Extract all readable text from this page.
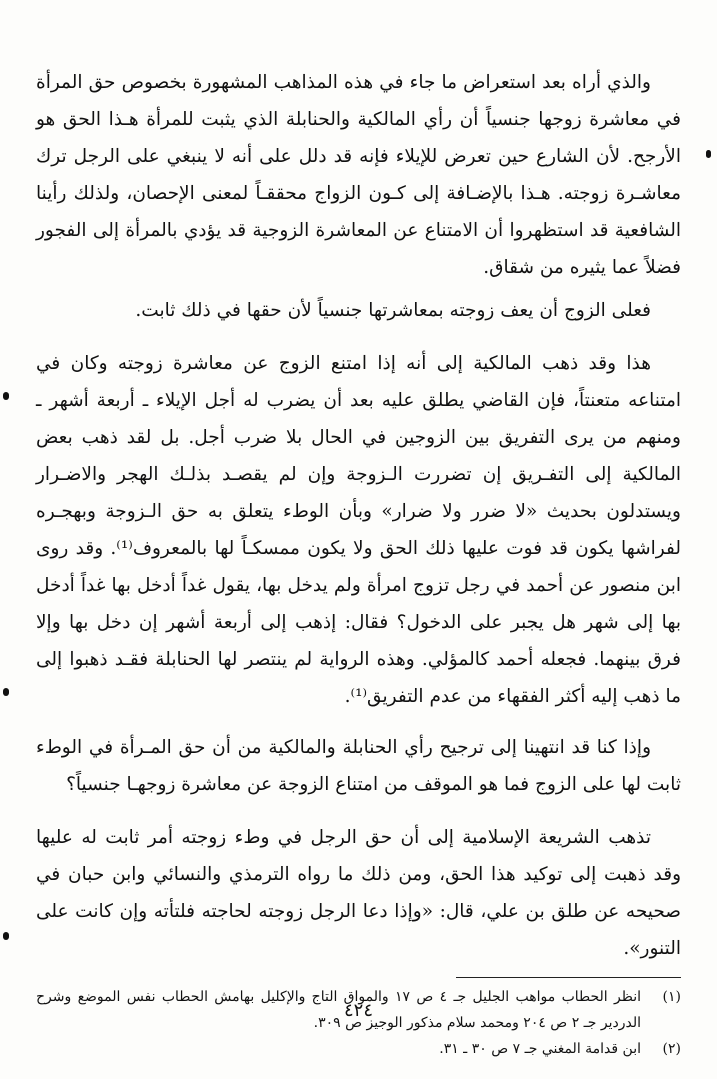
والذي أراه بعد استعراض ما جاء في هذه المذاهب المشهورة بخصوص حق المرأة في معاشرة زوجها جنسياً أن رأي المالكية والحنابلة الذي يثبت للمرأة هـذا الحق هو الأرجح. لأن الشارع حين تعرض للإيلاء فإنه قد دلل على أنه لا ينبغي على الرجل ترك معاشـرة زوجته. هـذا بالإضـافة إلى كـون الزواج محققـاً لمعنى الإحصان، ولذلك رأينا الشافعية قد استظهروا أن الامتناع عن المعاشرة الزوجية قد يؤدي بالمرأة إلى الفجور فضلاً عما يثيره من شقاق.

فعلى الزوج أن يعف زوجته بمعاشرتها جنسياً لأن حقها في ذلك ثابت.

هذا وقد ذهب المالكية إلى أنه إذا امتنع الزوج عن معاشرة زوجته وكان في امتناعه متعنتاً، فإن القاضي يطلق عليه بعد أن يضرب له أجل الإيلاء ـ أربعة أشهر ـ ومنهم من يرى التفريق بين الزوجين في الحال بلا ضرب أجل. بل لقد ذهب بعض المالكية إلى التفـريق إن تضررت الـزوجة وإن لم يقصـد بذلـك الهجر والاضـرار ويستدلون بحديث «لا ضرر ولا ضرار» وبأن الوطء يتعلق به حق الـزوجة وبهجـره لفراشها يكون قد فوت عليها ذلك الحق ولا يكون ممسكـاً لها بالمعروف⁽¹⁾. وقد روى ابن منصور عن أحمد في رجل تزوج امرأة ولم يدخل بها، يقول غداً أدخل بها غداً أدخل بها إلى شهر هل يجبر على الدخول؟ فقال: إذهب إلى أربعة أشهر إن دخل بها وإلا فرق بينهما. فجعله أحمد كالمؤلي. وهذه الرواية لم ينتصر لها الحنابلة فقـد ذهبوا إلى ما ذهب إليه أكثر الفقهاء من عدم التفريق⁽¹⁾.

وإذا كنا قد انتهينا إلى ترجيح رأي الحنابلة والمالكية من أن حق المـرأة في الوطء ثابت لها على الزوج فما هو الموقف من امتناع الزوجة عن معاشرة زوجهـا جنسياً؟

تذهب الشريعة الإسلامية إلى أن حق الرجل في وطء زوجته أمر ثابت له عليها وقد ذهبت إلى توكيد هذا الحق، ومن ذلك ما رواه الترمذي والنسائي وابن حبان في صحيحه عن طلق بن علي، قال: «وإذا دعا الرجل زوجته لحاجته فلتأته وإن كانت على التنور».

(١)
انظر الحطاب مواهب الجليل جـ ٤ ص ١٧ والمواق التاج والإكليل بهامش الحطاب نفس الموضع وشرح الدردير جـ ٢ ص ٢٠٤ ومحمد سلام مذكور الوجيز ص ٣٠٩.
(٢)
ابن قدامة المغني جـ ٧ ص ٣٠ ـ ٣١.
٤٢٤
